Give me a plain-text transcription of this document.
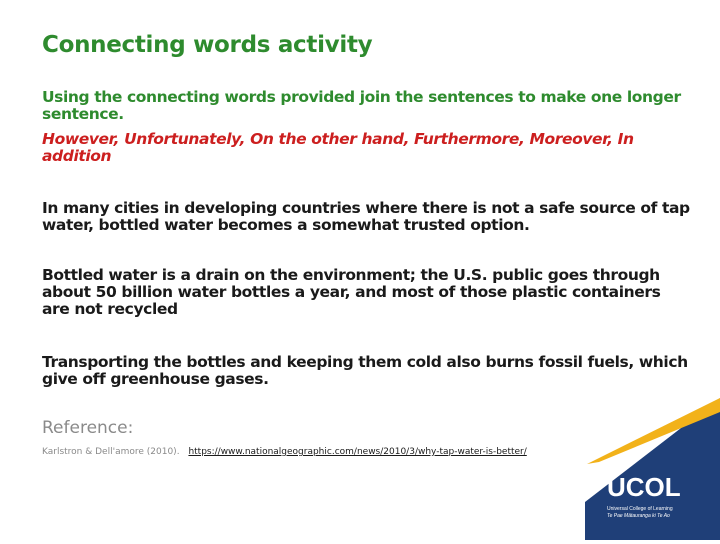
Connecting words activity
Using the connecting words provided join the sentences to make one longer sentence.
However, Unfortunately, On the other hand, Furthermore, Moreover, In addition
In many cities in developing countries where there is not a safe source of tap water, bottled water becomes a somewhat trusted option.
Bottled water is a drain on the environment; the U.S. public goes through about 50 billion water bottles a year, and most of those plastic containers are not recycled
Transporting the bottles and keeping them cold also burns fossil fuels, which give off greenhouse gases.
Reference:
Karlstron & Dell'amore (2010). https://www.nationalgeographic.com/news/2010/3/why-tap-water-is-better/
UCOL
Universal College of Learning
Te Pae Mātauranga ki Te Ao
